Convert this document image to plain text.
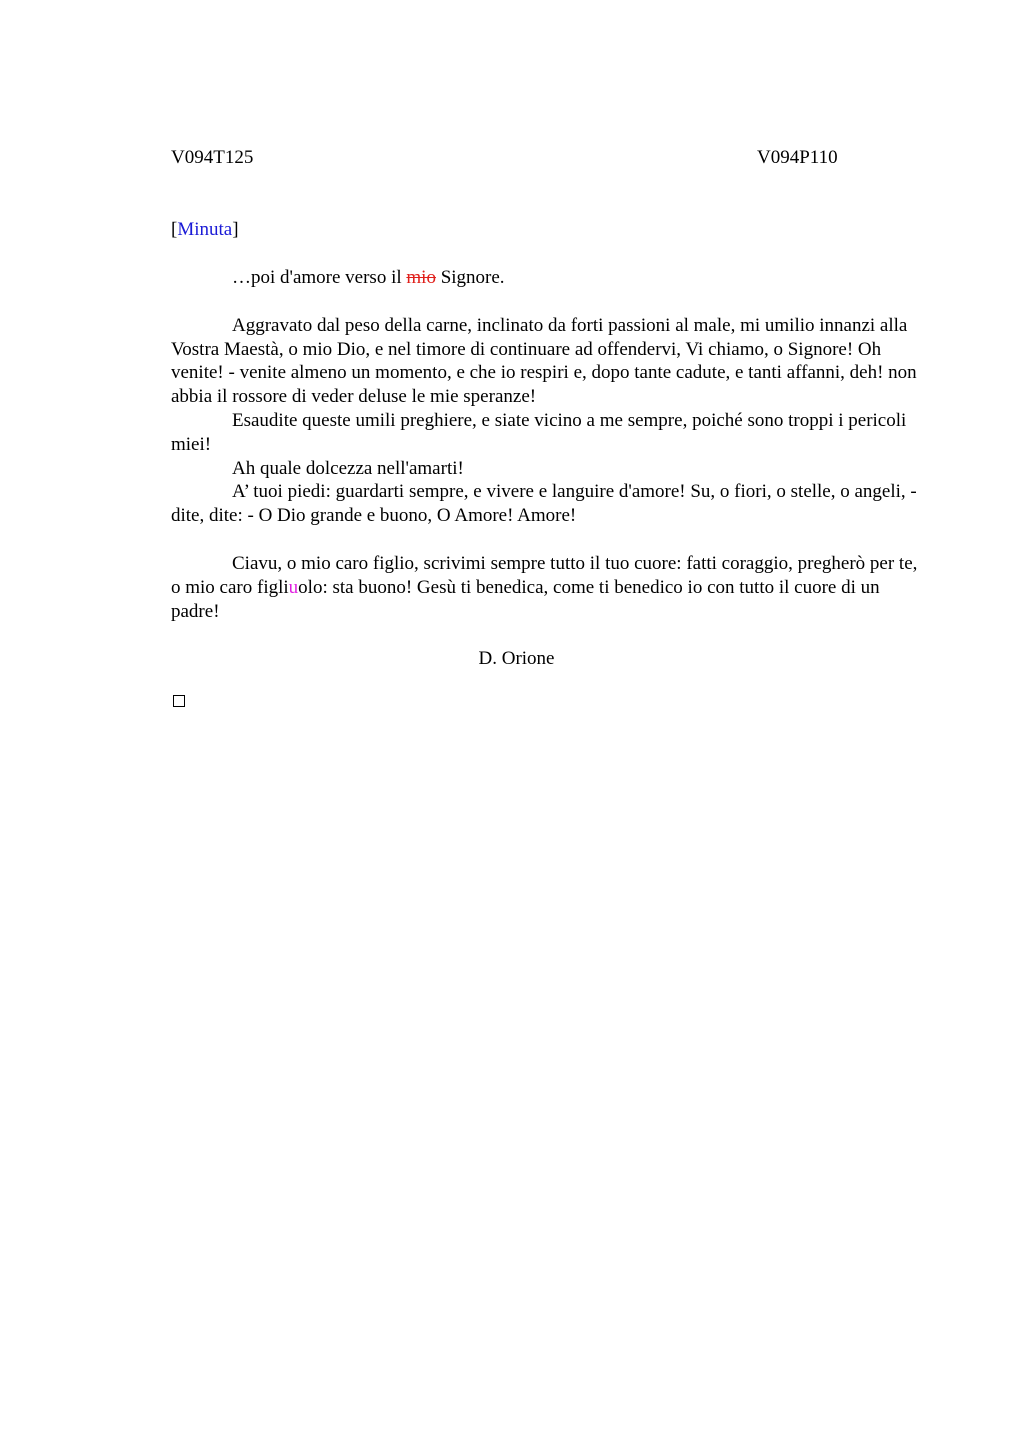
V094T125	V094P110
[Minuta]

…poi d'amore verso il mio Signore.

Aggravato dal peso della carne, inclinato da forti passioni al male, mi umilio innanzi alla Vostra Maestà, o mio Dio, e nel timore di continuare ad offendervi, Vi chiamo, o Signore! Oh venite! - venite almeno un momento, e che io respiri e, dopo tante cadute, e tanti affanni, deh! non abbia il rossore di veder deluse le mie speranze!

Esaudite queste umili preghiere, e siate vicino a me sempre, poiché sono troppi i pericoli miei!

Ah quale dolcezza nell'amarti!

A’ tuoi piedi: guardarti sempre, e vivere e languire d'amore! Su, o fiori, o stelle, o angeli, - dite, dite: - O Dio grande e buono, O Amore! Amore!

Ciavu, o mio caro figlio, scrivimi sempre tutto il tuo cuore: fatti coraggio, pregherò per te, o mio caro figliuolo: sta buono! Gesù ti benedica, come ti benedico io con tutto il cuore di un padre!

D. Orione
